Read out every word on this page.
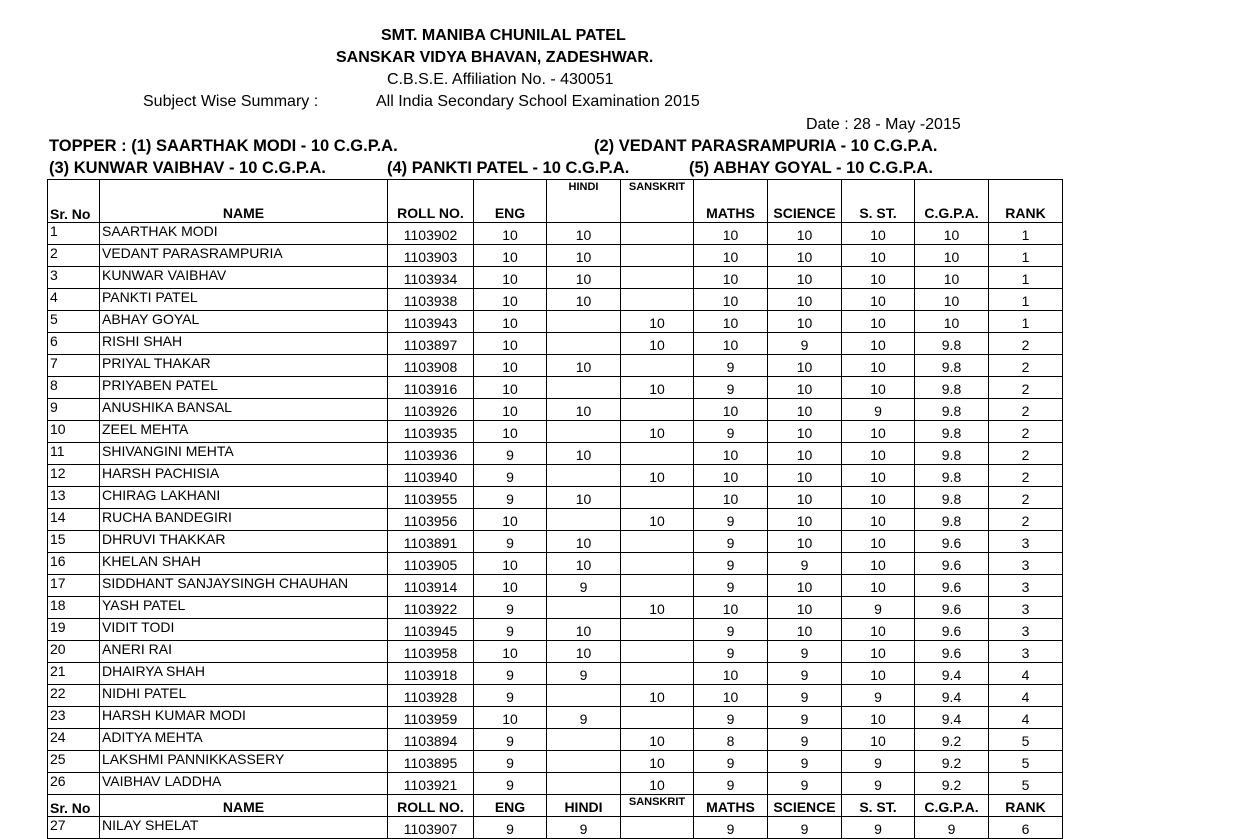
SMT. MANIBA CHUNILAL PATEL
SANSKAR VIDYA BHAVAN, ZADESHWAR.
C.B.S.E. Affiliation No. - 430051
Subject Wise Summary :	All India Secondary School Examination 2015
Date : 28 - May -2015
TOPPER : (1) SAARTHAK MODI - 10 C.G.P.A.	(2) VEDANT PARASRAMPURIA - 10 C.G.P.A.
(3) KUNWAR VAIBHAV - 10 C.G.P.A.	(4) PANKTI PATEL - 10 C.G.P.A.	(5) ABHAY GOYAL - 10 C.G.P.A.
				HINDI	SANSKRIT					
Sr. No	NAME	ROLL NO.	ENG			MATHS	SCIENCE	S. ST.	C.G.P.A.	RANK
1	SAARTHAK MODI	1103902	10	10		10	10	10	10	1
2	VEDANT PARASRAMPURIA	1103903	10	10		10	10	10	10	1
3	KUNWAR VAIBHAV	1103934	10	10		10	10	10	10	1
4	PANKTI PATEL	1103938	10	10		10	10	10	10	1
5	ABHAY GOYAL	1103943	10		10	10	10	10	10	1
6	RISHI SHAH	1103897	10		10	10	9	10	9.8	2
7	PRIYAL THAKAR	1103908	10	10		9	10	10	9.8	2
8	PRIYABEN PATEL	1103916	10		10	9	10	10	9.8	2
9	ANUSHIKA BANSAL	1103926	10	10		10	10	9	9.8	2
10	ZEEL MEHTA	1103935	10		10	9	10	10	9.8	2
11	SHIVANGINI MEHTA	1103936	9	10		10	10	10	9.8	2
12	HARSH PACHISIA	1103940	9		10	10	10	10	9.8	2
13	CHIRAG LAKHANI	1103955	9	10		10	10	10	9.8	2
14	RUCHA BANDEGIRI	1103956	10		10	9	10	10	9.8	2
15	DHRUVI THAKKAR	1103891	9	10		9	10	10	9.6	3
16	KHELAN SHAH	1103905	10	10		9	9	10	9.6	3
17	SIDDHANT SANJAYSINGH CHAUHAN	1103914	10	9		9	10	10	9.6	3
18	YASH PATEL	1103922	9		10	10	10	9	9.6	3
19	VIDIT TODI	1103945	9	10		9	10	10	9.6	3
20	ANERI RAI	1103958	10	10		9	9	10	9.6	3
21	DHAIRYA SHAH	1103918	9	9		10	9	10	9.4	4
22	NIDHI PATEL	1103928	9		10	10	9	9	9.4	4
23	HARSH KUMAR MODI	1103959	10	9		9	9	10	9.4	4
24	ADITYA MEHTA	1103894	9		10	8	9	10	9.2	5
25	LAKSHMI PANNIKKASSERY	1103895	9		10	9	9	9	9.2	5
26	VAIBHAV LADDHA	1103921	9		10	9	9	9	9.2	5
Sr. No	NAME	ROLL NO.	ENG	HINDI	SANSKRIT	MATHS	SCIENCE	S. ST.	C.G.P.A.	RANK
27	NILAY SHELAT	1103907	9	9		9	9	9	9	6
